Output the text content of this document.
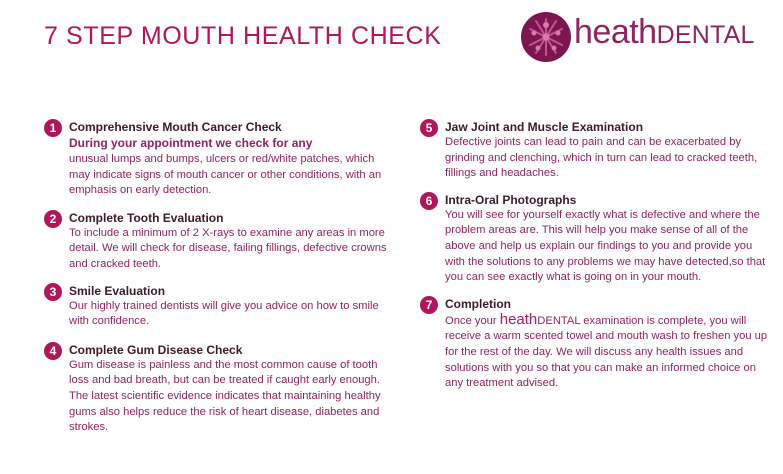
7 STEP MOUTH HEALTH CHECK	heathDENTAL
1	Comprehensive Mouth Cancer Check

During your appointment we check for any
unusual lumps and bumps, ulcers or red/white patches, which may indicate signs of mouth cancer or other conditions, with an emphasis on early detection.

2	Complete Tooth Evaluation

To include a minimum of 2 X-rays to examine any areas in more detail. We will check for disease, failing fillings, defective crowns and cracked teeth.

3	Smile Evaluation

Our highly trained dentists will give you advice on how to smile with confidence.

4	Complete Gum Disease Check

Gum disease is painless and the most common cause of tooth loss and bad breath, but can be treated if caught early enough. The latest scientific evidence indicates that maintaining healthy gums also helps reduce the risk of heart disease, diabetes and strokes.

5	Jaw Joint and Muscle Examination

Defective joints can lead to pain and can be exacerbated by grinding and clenching, which in turn can lead to cracked teeth, fillings and headaches.

6	Intra-Oral Photographs

You will see for yourself exactly what is defective and where the problem areas are. This will help you make sense of all of the above and help us explain our findings to you and provide you with the solutions to any problems we may have detected,so that you can see exactly what is going on in your mouth.

7	Completion

Once your heathDENTAL examination is complete, you will receive a warm scented towel and mouth wash to freshen you up for the rest of the day. We will discuss any health issues and solutions with you so that you can make an informed choice on any treatment advised.
